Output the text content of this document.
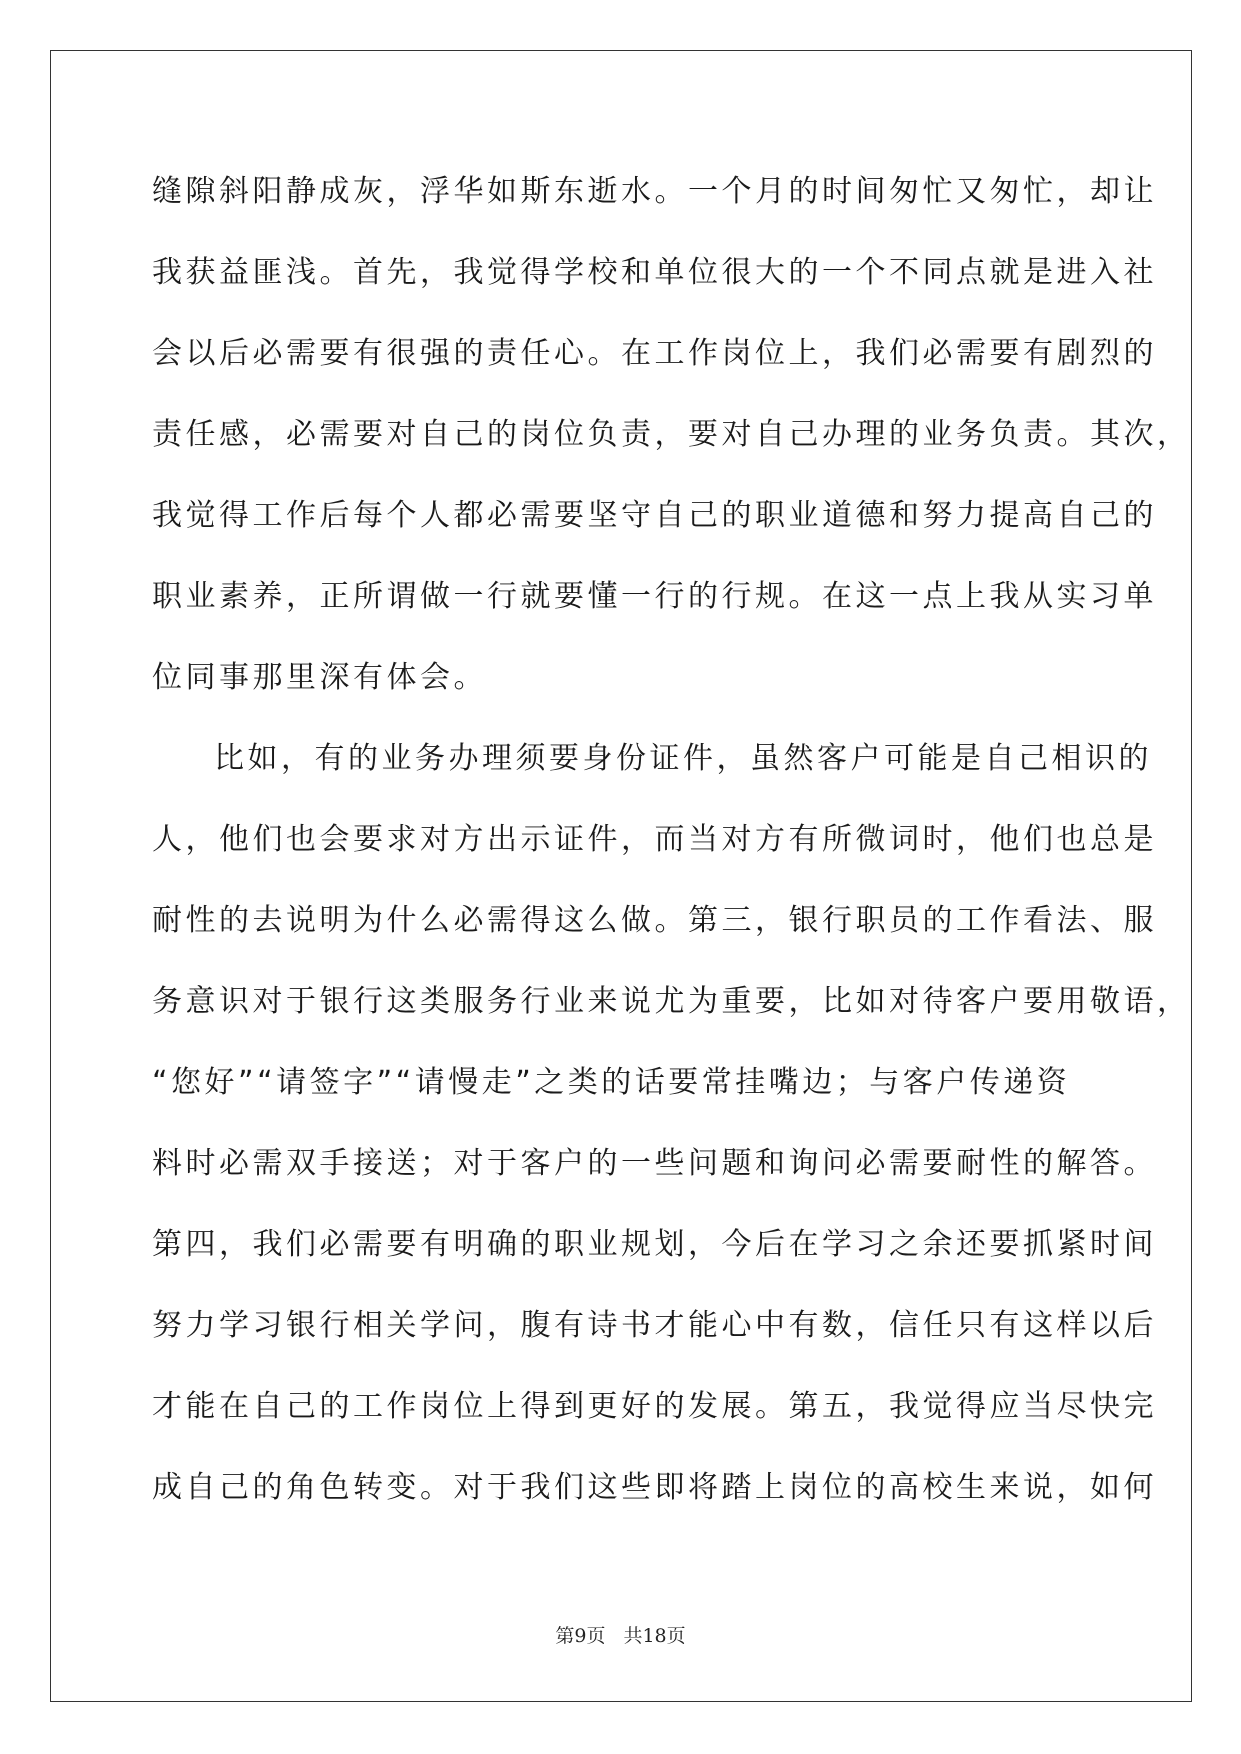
缝隙斜阳静成灰，浮华如斯东逝水。一个月的时间匆忙又匆忙，却让
我获益匪浅。首先，我觉得学校和单位很大的一个不同点就是进入社
会以后必需要有很强的责任心。在工作岗位上，我们必需要有剧烈的
责任感，必需要对自己的岗位负责，要对自己办理的业务负责。其次，
我觉得工作后每个人都必需要坚守自己的职业道德和努力提高自己的
职业素养，正所谓做一行就要懂一行的行规。在这一点上我从实习单
位同事那里深有体会。
比如，有的业务办理须要身份证件，虽然客户可能是自己相识的
人，他们也会要求对方出示证件，而当对方有所微词时，他们也总是
耐性的去说明为什么必需得这么做。第三，银行职员的工作看法、服
务意识对于银行这类服务行业来说尤为重要，比如对待客户要用敬语，
“您好”“请签字”“请慢走”之类的话要常挂嘴边；与客户传递资
料时必需双手接送；对于客户的一些问题和询问必需要耐性的解答。
第四，我们必需要有明确的职业规划，今后在学习之余还要抓紧时间
努力学习银行相关学问，腹有诗书才能心中有数，信任只有这样以后
才能在自己的工作岗位上得到更好的发展。第五，我觉得应当尽快完
成自己的角色转变。对于我们这些即将踏上岗位的高校生来说，如何
第9页 共18页
